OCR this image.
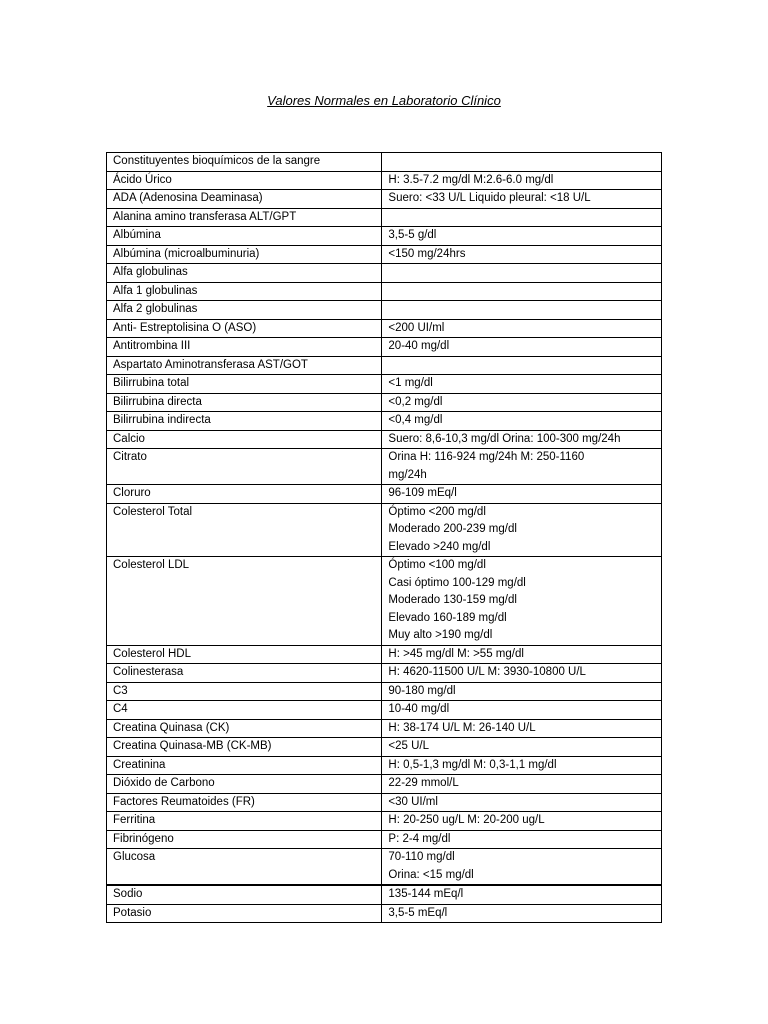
Valores Normales en Laboratorio Clínico
Constituyentes bioquímicos de la sangre	
Ácido Úrico	H: 3.5-7.2 mg/dl M:2.6-6.0 mg/dl
ADA (Adenosina Deaminasa)	Suero: <33 U/L Liquido pleural: <18 U/L
Alanina amino transferasa ALT/GPT	
Albúmina	3,5-5 g/dl
Albúmina (microalbuminuria)	<150 mg/24hrs
Alfa globulinas	
Alfa 1 globulinas	
Alfa 2 globulinas	
Anti- Estreptolisina O (ASO)	<200 UI/ml
Antitrombina III	20-40 mg/dl
Aspartato Aminotransferasa AST/GOT	
Bilirrubina total	<1 mg/dl
Bilirrubina directa	<0,2 mg/dl
Bilirrubina indirecta	<0,4 mg/dl
Calcio	Suero: 8,6-10,3 mg/dl Orina: 100-300 mg/24h
Citrato	Orina H: 116-924 mg/24h M: 250-1160
mg/24h
Cloruro	96-109 mEq/l
Colesterol Total	Óptimo <200 mg/dl
Moderado 200-239 mg/dl
Elevado >240 mg/dl
Colesterol LDL	Óptimo <100 mg/dl
Casi óptimo 100-129 mg/dl
Moderado 130-159 mg/dl
Elevado 160-189 mg/dl
Muy alto >190 mg/dl
Colesterol HDL	H: >45 mg/dl M: >55 mg/dl
Colinesterasa	H: 4620-11500 U/L M: 3930-10800 U/L
C3	90-180 mg/dl
C4	10-40 mg/dl
Creatina Quinasa (CK)	H: 38-174 U/L M: 26-140 U/L
Creatina Quinasa-MB (CK-MB)	<25 U/L
Creatinina	H: 0,5-1,3 mg/dl M: 0,3-1,1 mg/dl
Dióxido de Carbono	22-29 mmol/L
Factores Reumatoides (FR)	<30 UI/ml
Ferritina	H: 20-250 ug/L M: 20-200 ug/L
Fibrinógeno	P: 2-4 mg/dl
Glucosa	70-110 mg/dl
Orina: <15 mg/dl

Sodio	135-144 mEq/l
Potasio	3,5-5 mEq/l
